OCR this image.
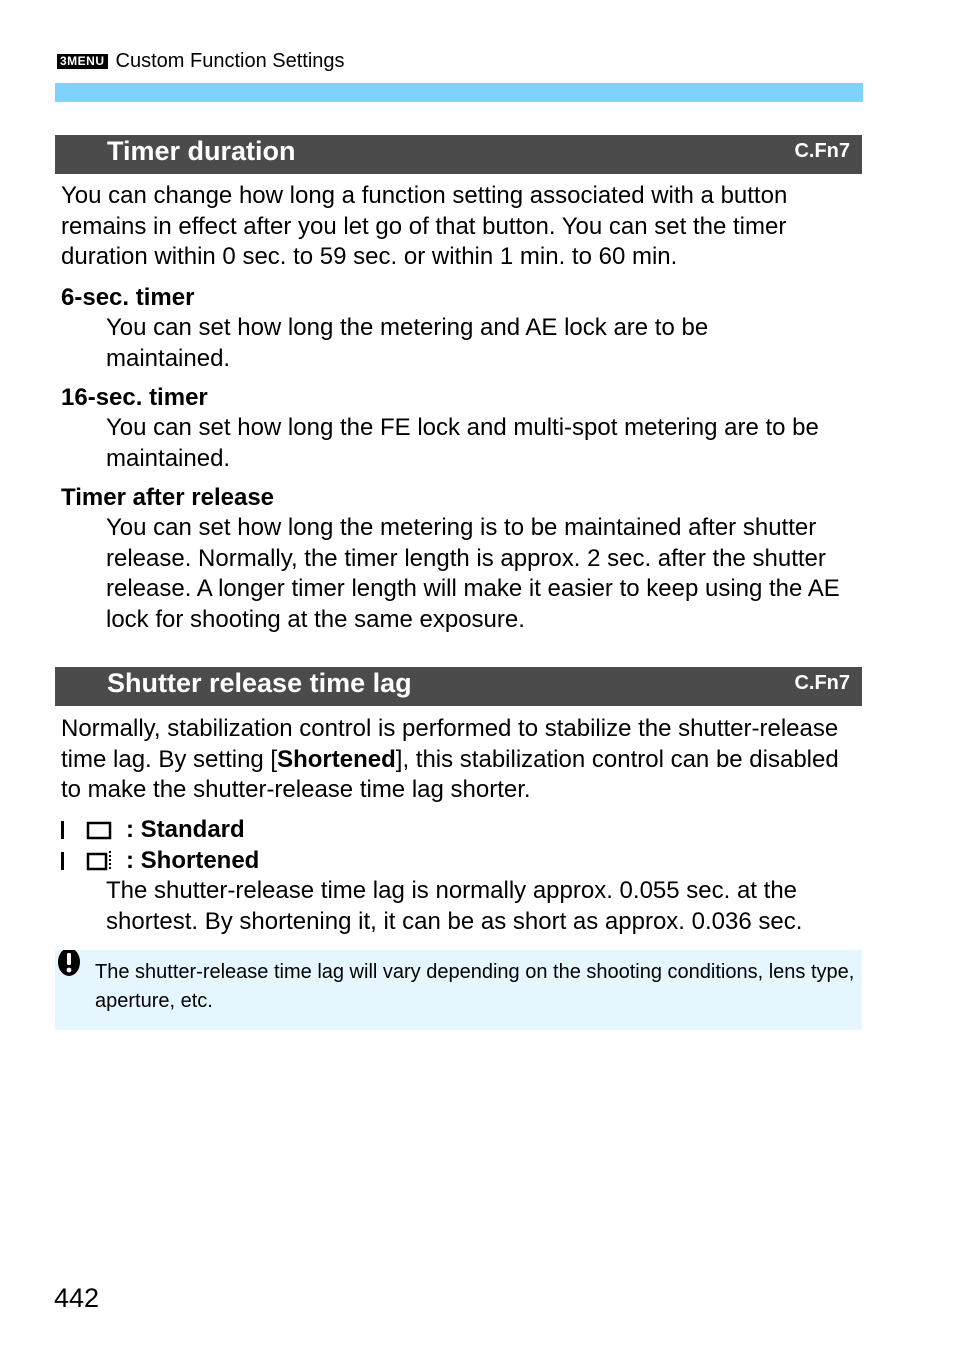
3MENU Custom Function Settings
Timer duration	C.Fn7

You can change how long a function setting associated with a button remains in effect after you let go of that button. You can set the timer duration within 0 sec. to 59 sec. or within 1 min. to 60 min.

6-sec. timer

You can set how long the metering and AE lock are to be maintained.

16-sec. timer

You can set how long the FE lock and multi-spot metering are to be maintained.

Timer after release

You can set how long the metering is to be maintained after shutter release. Normally, the timer length is approx. 2 sec. after the shutter release. A longer timer length will make it easier to keep using the AE lock for shooting at the same exposure.

Shutter release time lag	C.Fn7

Normally, stabilization control is performed to stabilize the shutter-release time lag. By setting [Shortened], this stabilization control can be disabled to make the shutter-release time lag shorter.

: Standard
: Shortened

The shutter-release time lag is normally approx. 0.055 sec. at the shortest. By shortening it, it can be as short as approx. 0.036 sec.

The shutter-release time lag will vary depending on the shooting conditions, lens type, aperture, etc.

442
